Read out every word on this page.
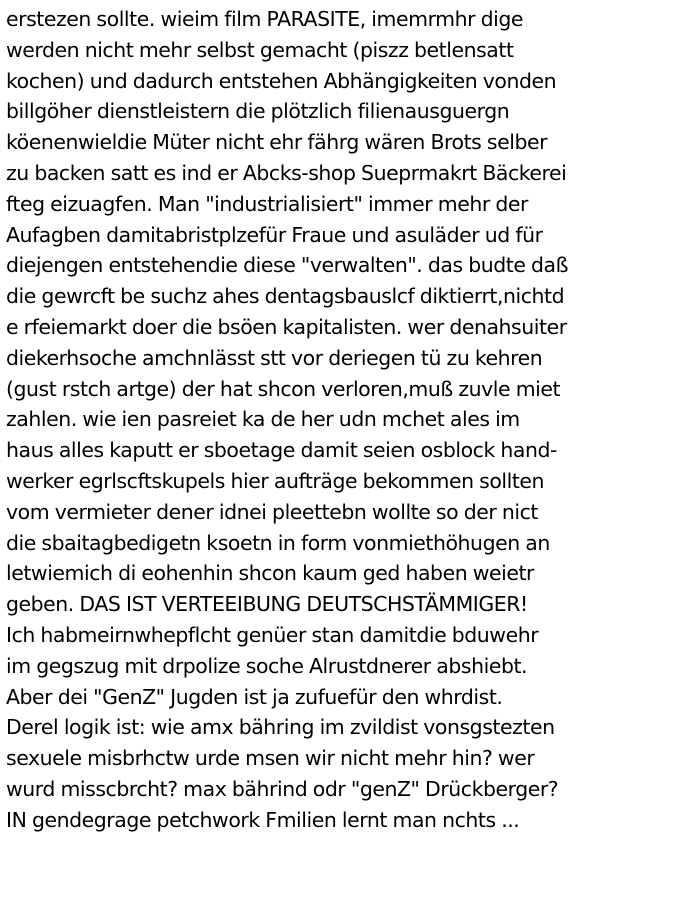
erstezen sollte. wieim film PARASITE, imemrmhr dige werden nicht mehr selbst gemacht (piszz betlensatt kochen) und dadurch entstehen Abhängigkeiten vonden billgöher dienstleistern die plötzlich filienausguergn köenenwieldie Müter nicht ehr fährg wären Brots selber zu backen satt es ind er Abcks-shop Sueprmakrt Bäckerei fteg eizuagfen. Man "industrialisiert" immer mehr der Aufagben damitabristplzefür Fraue und asuläder ud für diejengen entstehendie diese "verwalten". das budte daß die gewrcft be suchz ahes dentagsbauslcf diktierrt,nichtd e rfeiemarkt doer die bsöen kapitalisten. wer denahsuiter diekerhsoche amchnlässt stt vor deriegen tü zu kehren (gust rstch artge) der hat shcon verloren,muß zuvle miet zahlen. wie ien pasreiet ka de her udn mchet ales im haus alles kaputt er sboetage damit seien osblock hand- werker egrlscftskupels hier aufträge bekommen sollten vom vermieter dener idnei pleettebn wollte so der nict die sbaitagbedigetn ksoetn in form vonmiethöhugen an letwiemich di eohenhin shcon kaum ged haben weietr geben. DAS IST VERTEEIBUNG DEUTSCHSTÄMMIGER! Ich habmeirnwhepflcht genüer stan damitdie bduwehr im gegszug mit drpolize soche Alrustdnerer abshiebt. Aber dei "GenZ" Jugden ist ja zufuefür den whrdist. Derel logik ist: wie amx bähring im zvildist vonsgstezten sexuele misbrhctw urde msen wir nicht mehr hin? wer wurd misscbrcht? max bährind odr "genZ" Drückberger? IN gendegrage petchwork Fmilien lernt man nchts ...
